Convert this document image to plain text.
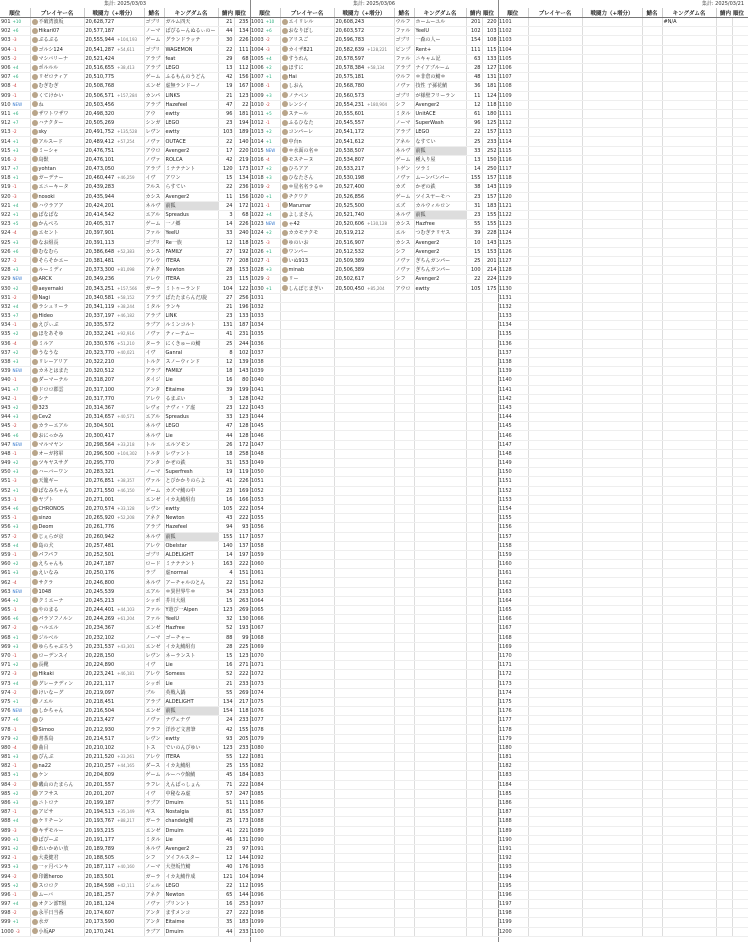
集計: 2025/03/03
順位	プレイヤー名	戦闘力（+増分）	鯖名	キングダム名	鯖内 順位	
901 +10	不破湾波坂	20,628,727	ゴブリ	ガルム四天	21	235
902 +6	Hikari07	20,577,187	ノーマ	ぱぴるーんぬるぃのー	44	134
903 -3	ぷるぷる	20,555,944 +104,193	ゲーム	グランドラッテ	30	226
904 -1	ゴルシ124	20,541,287 +54,611	ゴブリ	WAGEMON	22	111
905 -2	マシバリーナ	20,521,424	アラブ	feat	29	68
906 +4	ポルルル	20,516,655 +38,413	アラブ	LEGO	13	112
907 +6	リゼロティア	20,510,775	ゲーム	ふるもんのうどん	42	156
908 -4	むぎむぎ	20,508,768	エンゼ	虚無ランドーノ	19	167
909 -1	くてけかい	20,506,571 +157,284	カンパ	LINKS	21	123
910 NEW	ね	20,503,456	アラブ	Hazefeel	47	22
911 +6	ザワトワザワ	20,498,320	アウ	ewtty	96	181
912 +7	ハナクター	20,505,269	シンガ	LEGO	23	194
913 -2	sky	20,491,752 +135,528	レヴン	ewtty	103	189
914 +1	アルスード	20,489,412 +57,254	ノヴァ	OUTACE	22	140
915 +3	ミーシャ	20,476,751	アウロ	Avenger2	17	220
916 -2	鳥獣	20,476,101	ノヴァ	ROLCA	42	219
917 +7	yohtan	20,473,050	アラブ	ミナテナント	120	173
918 +1	ガーデナー	20,460,447 +46,259	イヴ	アワン	15	134
919 -1	エニーキータ	20,439,283	フルス	らすてい	22	236
920 -3	nosoki	20,435,944	カシス	Avenger2	11	156
921 +4	ハウラアア	20,424,201	ネルヴ	前狐	24	172
922 +1	ぱなぱな	20,414,542	エアル	Spreadus	3	68
923 +5	かんぺろ	20,405,317	ゲーム	一ノ郷	14	226
924 -4	エセント	20,397,901	ファル	YeelU	33	240
925 +3	なお組長	20,391,113	ゴブリ	Re一族	12	118
926 +6	むなむら	20,386,648 +52,383	カシス	FAMILY	27	192
927 -2	そらそかエー	20,381,481	アレウ	ITERA	77	208
928 +3	ルーミディ	20,373,300 +81,098	アネク	Newton	28	153
929 NEW	ARCK	20,349,236	アレウ	ITERA	23	115
930 +2	aeyernaki	20,343,251 +157,566	ガーラ	ミトゥーランド	104	122
931 -2	Nagi	20,340,581 +58,152	アラブ	ぱたたまらんだ/旋	27	256
932 +4	ラシュリーラ	20,341,119 +38,244	ミタル	ランキ	21	196
933 +7	Hideo	20,337,197 +46,182	アラブ	LINK	23	133
934 -1	えびぃぷ	20,335,572	ラブア	ルミンコルト	131	187
935 +2	ほをあそゆ	20,332,241 +92,916	ノヴァ	ティーテムー	41	231
936 -4	ミルア	20,330,576 +51,210	ターラ	にくきゅーの鯖	25	244
937 +2	うなうな	20,323,770 +40,021	イヴ	Ganral	8	102
938 +3	リレーアリア	20,322,210	トルク	スノーウィンド	12	139
939 NEW	カネとはまた	20,320,512	アラブ	FAMILY	18	143
940 -1	ダーマーテル	20,318,207	タイジ	Lie	16	80
941 +7	ドロロ郡雲	20,317,100	アンタ	Eitaime	39	199
942 -1	シナ	20,317,770	アレウ	るまぷい	3	128
943 +2	323	20,314,367	レヴォ	ナヴィ・ア虚	23	122
944 +3	Cev2	20,314,657 +40,571	エアル	Spreadus	33	123
945 -2	カラーエアル	20,304,501	ネルヴ	LEGO	47	128
946 +6	おにっかみ	20,300,417	ネルヴ	Lie	44	128
947 NEW	マルマヤン	20,298,564 +33,218	トル	エルソモン	26	172
948 -1	オーガ将軍	20,296,500 +104,302	トルタ	レヴァント	18	258
949 +2	ツキヤスサグ	20,295,770	アンタ	かぜの鉄	31	153
950 +3	ハーバーワン	20,283,321	ノーマ	Superfresh	19	119
951 -3	天籠ギー	20,276,851 +38,357	ヴァル	とびかかりのらよ	41	226
952 +1	ぱなみちゃん	20,271,550 +46,150	ゲーム	カズマ鯖の中	23	169
953 -1	ヤプト	20,271,001	エンゼ	イカ丸鯖組有	16	166
954 +6	CHRONOS	20,270,574 +33,128	レヴン	ewtty	105	222
955 -1	sinzo	20,265,920 +52,208	アネク	Newton	43	222
956 +3	Deom	20,261,776	アラブ	Hazefeel	94	93
957 -2	じぇらが京	20,260,942	ネルヴ	前狐	155	117
958 +4	島の犬	20,257,481	アレウ	Obelstar	140	137
959 -1	パフパフ	20,252,501	ゴブリ	ALDELIGHT	14	197
960 +2	えちゃんも	20,247,187	ロード	ミナテナント	163	222
961 +3	えいなみ	20,250,176	ラプ	虚normal	4	151
962 -4	サクラ	20,246,800	ネルヴ	アーチャルのとん	22	151
963 NEW	1048	20,245,539	エアル	＊異世界牛＊	34	233
964 +2	クミエーナ	20,245,213	シッポ	芥川大組	15	263
965 -1	やのまる	20,244,401 +44,103	ファル	Y遊び一Alpen	123	269
966 +6	パラソフノルン	20,244,269 +61,204	ファル	YeelU	32	130
967 -2	ハルエル	20,234,367	エンゼ	Hazfree	52	193
968 +1	ジルベル	20,232,102	ノーマ	ゴーチャー	88	99
969 +3	ゆらちゃぶろう	20,231,537 +43,301	エンゼ	イカ丸鯖組有	28	225
970 -1	ローデンスイ	20,228,150	レヴン	ネーランスト	15	123
971 +2	長靴	20,224,890	イヴ	Lie	16	271
972 -3	Hikaki	20,223,241 +46,181	アレウ	Somess	52	222
973 +4	グレーテディン	20,221,117	シッポ	Lie	21	233
974 -2	けいなーグ	20,219,097	ブル	英戦入鍋	55	269
975 +1	ノエル	20,218,451	アラブ	ALDELIGHT	134	217
976 NEW	しかちゃん	20,216,504	エンゼ	前狐	154	118
977 +6	ひ	20,213,427	ノヴァ	ナヴェナヴ	24	233
978 -1	Simoo	20,212,930	アラフ	洋沙ど文書筆	42	155
979 +2	書茶鳥	20,214,517	レヴン	ewtty	93	205
980 -4	曲目	20,210,102	トス	でいのんびゆい	123	233
981 +3	ぴんぷ	20,211,520 +33,261	アレウ	ITERA	55	122
982 -1	na22	20,210,257 +44,165	ダース	イカ丸鯖組	25	155
983 +1	ケン	20,204,809	ゲーム	ルーハウ館鯖	45	184
984 -2	磯山のたまらん	20,201,557	ラフレ	えんぱっしょん	71	222
985 +2	アフサス	20,201,207	イヴ	中秘なみ虚	57	247
986 +3	ニトロナ	20,199,187	ラブア	Dmuim	51	111
987 -1	アビサ	20,194,513 +35,149	ギス	Nostalgia	81	155
988 +4	ケリチーン	20,193,767 +88,217	ガーラ	chandelg鯖	25	173
989 -3	キザモルー	20,193,215	エンゼ	Dmuim	41	221
990 +1	ぱぴーぷ	20,191,177	ミタル	Lie	46	131
991 +2	れいかめい放	20,189,789	ネルヴ	Avenger2	23	97
992 -1	大菱健君	20,188,505	シフ	ソイフルスター	12	144
993 +3	一ヶ月ペンキ	20,187,117 +40,160	ノーマ	大登坂竹鯖	40	176
994 -2	印鑑heroo	20,183,501	ガーラ	イカ丸鯖作成	121	104
995 +2	スロロク	20,184,598 +42,111	ジェル	LEGO	22	112
996 -1	ムーバ	20,181,257	アネク	Newton	65	144
997 +4	オクン部T組	20,181,124	ノヴァ	プリンント	16	253
998 -2	永平日当番	20,174,607	アンタ	ますメンコ	27	222
999 +1	水ガ	20,173,590	アンタ	Eitaime	35	183
1000 -3	小坂AP	20,170,241	ラブア	Dmuim	44	233
集計: 2025/03/06
順位	プレイヤー名	戦闘力（+増分）	鯖名	キングダム名	鯖内 順位	
1001 +10	エイリレル	20,608,243	ウルフ	ホームーユル	201	220
1002 +6	おなりぽし	20,603,572	ファル	YeelU	102	103
1003 -2	アリスご	20,596,783	ゴブリ	一森の人ー	154	108
1004 -3	カイザ821	20,582,639 +128,221	ピンプ	Rent+	111	115
1005 +4	すうれん	20,578,597	ファル	ニキャム記	63	133
1006 +2	ほすに	20,578,384 +58,134	アラブ	ナイアブルーム	28	127
1007 +1	Hai	20,575,181	ウルフ	＊非倉の鯖＊	48	131
1008 -1	しおん	20,568,780	ノヴァ	技性 子孫花鯖	36	181
1009 +3	ノナペン	20,560,573	ゴブリ	が様壁フリーラン	11	124
1010 -2	レンシイ	20,554,231 +180,904	シフ	Avenger2	12	118
1011 +5	ステール	20,555,601	ミタル	UnitACE	61	180
1012 -1	ふるひなた	20,545,557	ノーマ	SuperWash	96	125
1013 +2	コンパーレ	20,541,172	アラブ	LEGO	22	157
1014 +1	中台n	20,541,612	アネル	なすてい	25	233
1015 NEW	＊水面の名＊	20,538,507	ネルヴ	前狐	33	252
1016 -4	モスチーヌ	20,534,807	ゲーム	種入り屋	13	150
1017 +2	ひろアア	20,533,217	トゲン	ツラミ	14	250
1018 +3	ひなたさん	20,530,198	ノヴァ	ムーンパンパー	155	157
1019 -2	＊星名名ラる＊	20,527,400	カズ	かぜの鉄	38	143
1020 +1	チクワク	20,526,856	ゲーム	ツイスヤーモハ	23	157
1021 -1	Marumar	20,525,500	エズ	カルウィルロン	31	183
1022 +4	よしまさん	20,521,740	ネルヴ	前狐	23	155
1023 NEW	ゃ42	20,520,606 +130,128	カシス	Hazfree	55	155
1024 +2	カカモナクモ	20,519,212	エル	つむぎテリヤス	39	228
1025 -3	ゆのいお	20,516,907	カシス	Avenger2	10	143
1026 +1	ワンパー	20,512,532	シフ	Avenger2	15	153
1027 -1	いぬ913	20,509,389	ノヴァ	ぎちんガンパー	25	201
1028 +3	minab	20,506,389	ノヴァ	ぎちんガンパー	100	214
1029 -2	リー	20,502,617	シフ	Avenger2	22	224
1030 +1	しんぼじまぎい	20,500,450 +85,204	アウロ	ewtty	105	175
1031						
1032						
1033						
1034						
1035						
1036						
1037						
1038						
1039						
1040						
1041						
1042						
1043						
1044						
1045						
1046						
1047						
1048						
1049						
1050						
1051						
1052						
1053						
1054						
1055						
1056						
1057						
1058						
1059						
1060						
1061						
1062						
1063						
1064						
1065						
1066						
1067						
1068						
1069						
1070						
1071						
1072						
1073						
1074						
1075						
1076						
1077						
1078						
1079						
1080						
1081						
1082						
1083						
1084						
1085						
1086						
1087						
1088						
1089						
1090						
1091						
1092						
1093						
1094						
1095						
1096						
1097						
1098						
1099						
1100						
集計: 2025/03/21
順位	プレイヤー名	戦闘力（+増分）	鯖名	キングダム名	鯖内 順位	
1101				#N/A		
1102						
1103						
1104						
1105						
1106						
1107						
1108						
1109						
1110						
1111						
1112						
1113						
1114						
1115						
1116						
1117						
1118						
1119						
1120						
1121						
1122						
1123						
1124						
1125						
1126						
1127						
1128						
1129						
1130						
1131						
1132						
1133						
1134						
1135						
1136						
1137						
1138						
1139						
1140						
1141						
1142						
1143						
1144						
1145						
1146						
1147						
1148						
1149						
1150						
1151						
1152						
1153						
1154						
1155						
1156						
1157						
1158						
1159						
1160						
1161						
1162						
1163						
1164						
1165						
1166						
1167						
1168						
1169						
1170						
1171						
1172						
1173						
1174						
1175						
1176						
1177						
1178						
1179						
1180						
1181						
1182						
1183						
1184						
1185						
1186						
1187						
1188						
1189						
1190						
1191						
1192						
1193						
1194						
1195						
1196						
1197						
1198						
1199						
1200						
